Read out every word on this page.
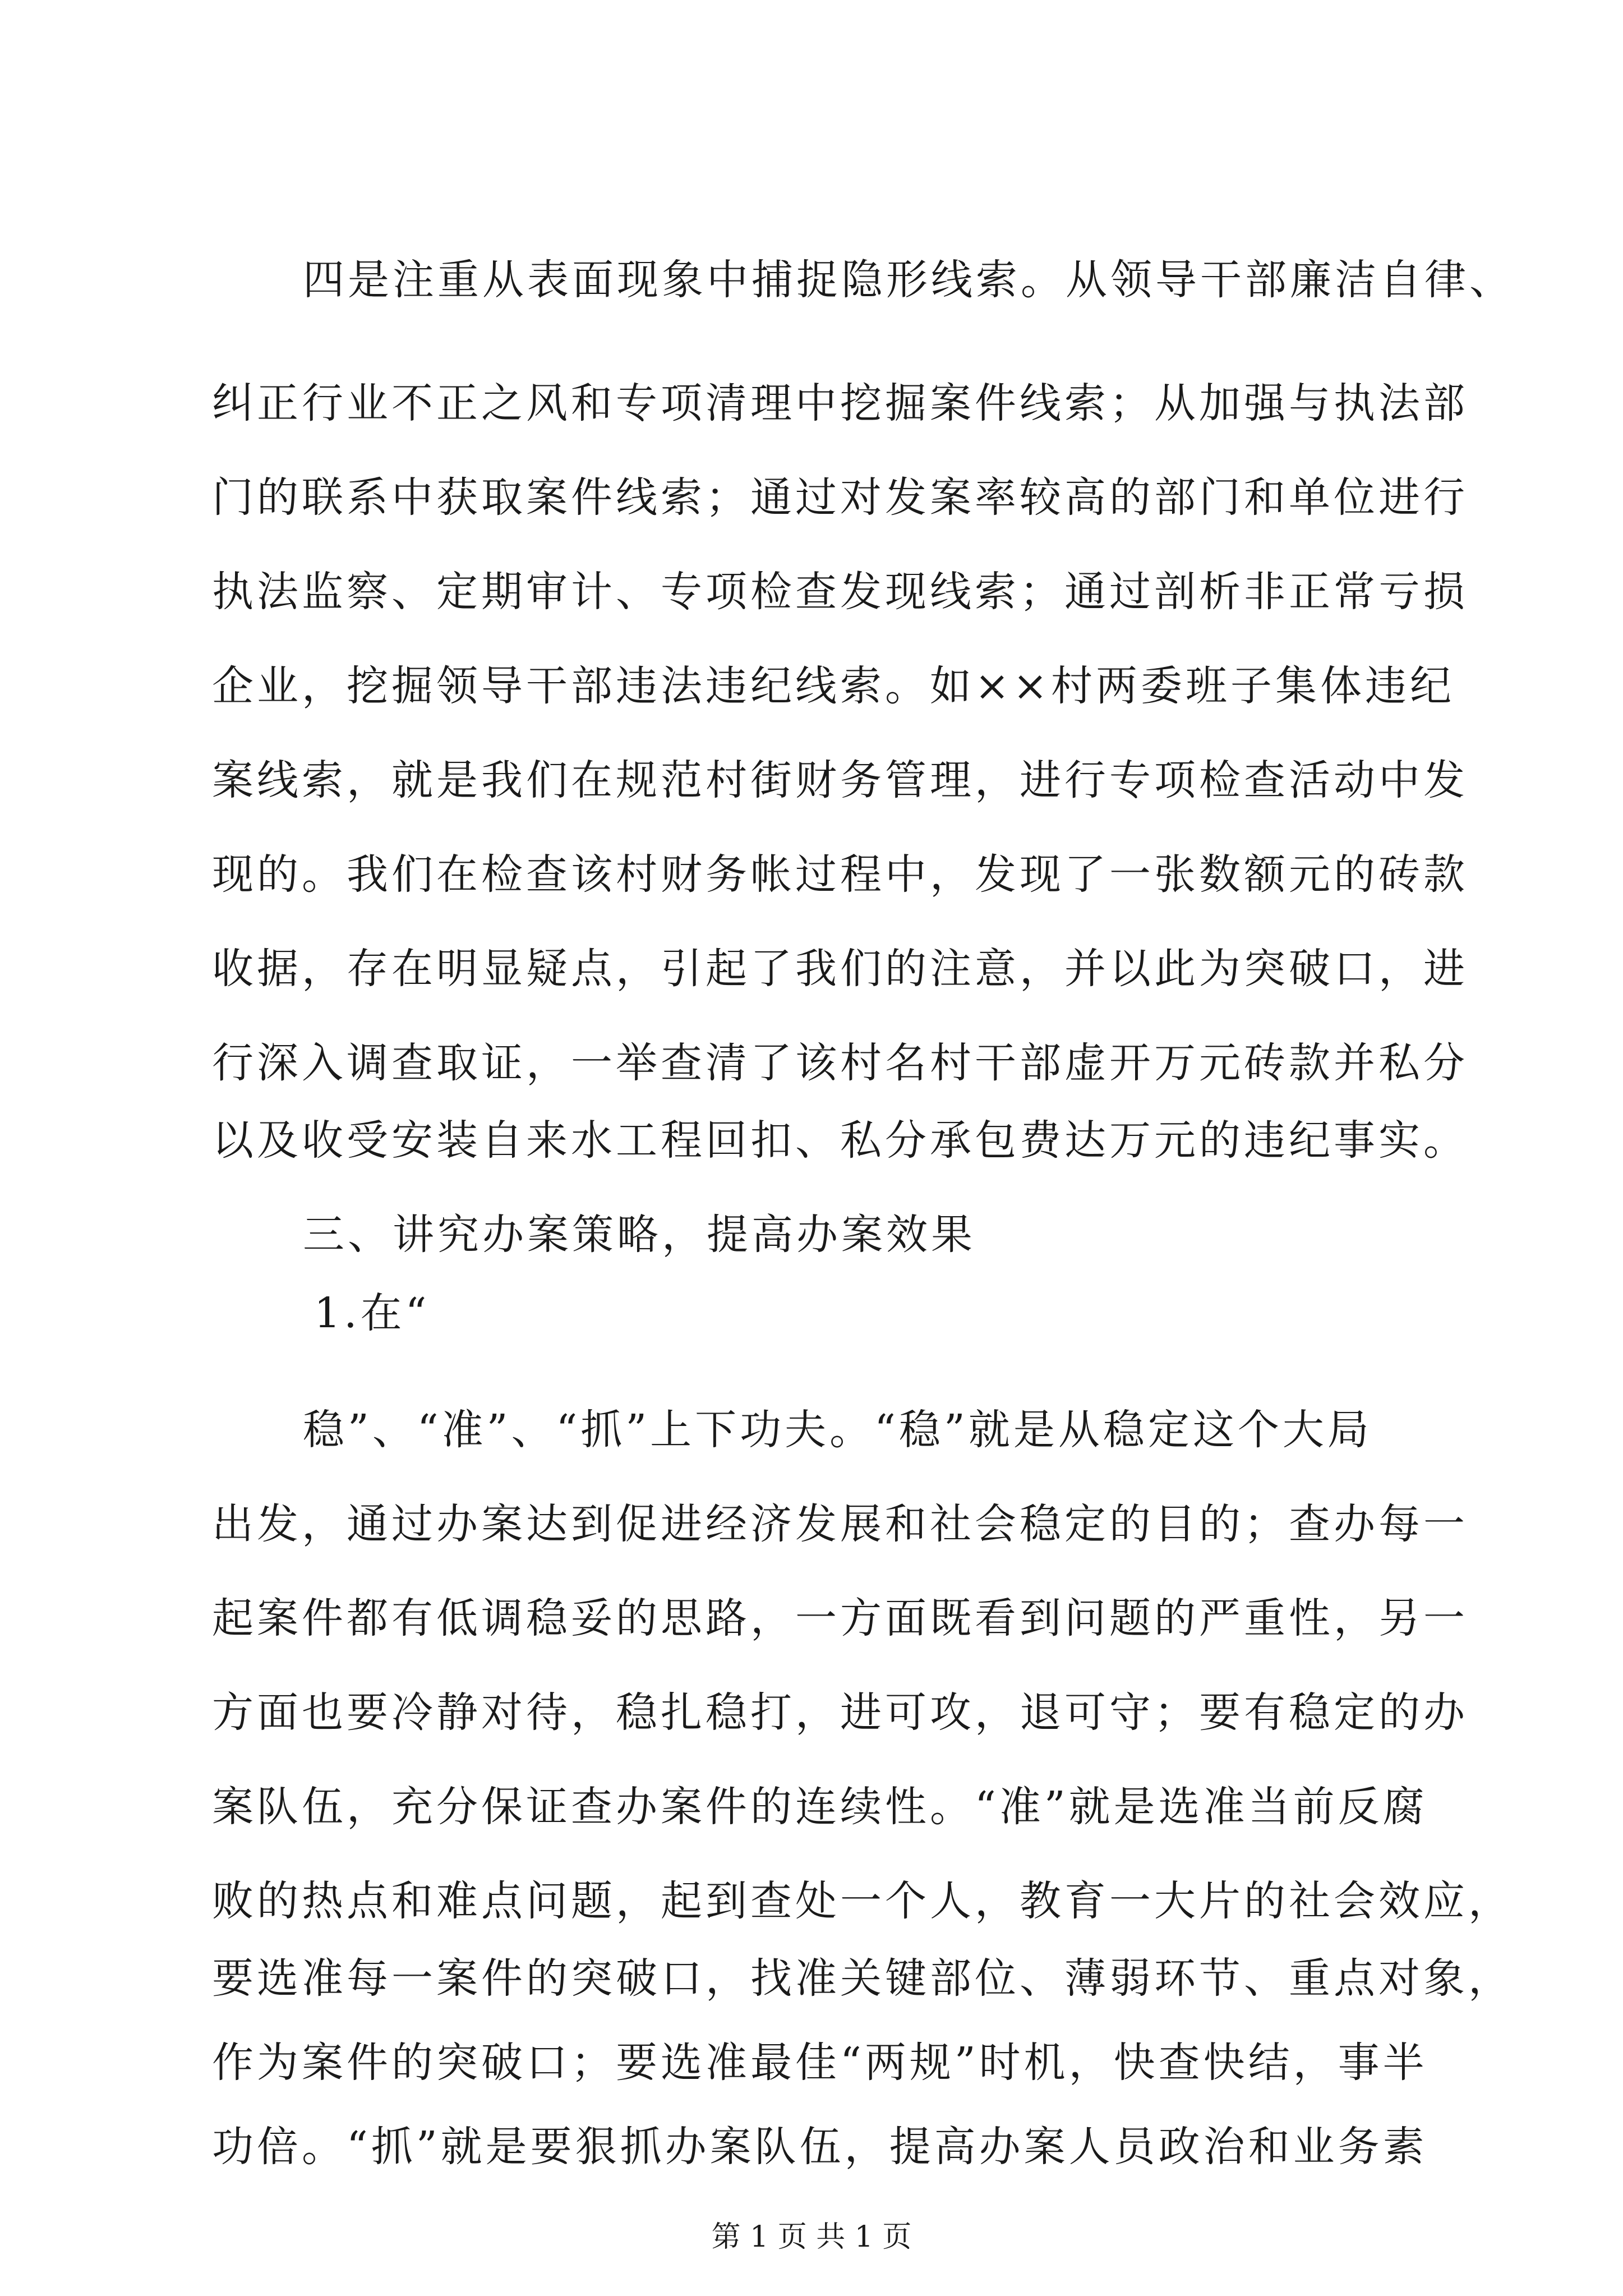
四是注重从表面现象中捕捉隐形线索。从领导干部廉洁自律、
纠正行业不正之风和专项清理中挖掘案件线索；从加强与执法部
门的联系中获取案件线索；通过对发案率较高的部门和单位进行
执法监察、定期审计、专项检查发现线索；通过剖析非正常亏损
企业，挖掘领导干部违法违纪线索。如××村两委班子集体违纪
案线索，就是我们在规范村街财务管理，进行专项检查活动中发
现的。我们在检查该村财务帐过程中，发现了一张数额元的砖款
收据，存在明显疑点，引起了我们的注意，并以此为突破口，进
行深入调查取证，一举查清了该村名村干部虚开万元砖款并私分
以及收受安装自来水工程回扣、私分承包费达万元的违纪事实。
三、讲究办案策略，提高办案效果
1.在“
稳”、“准”、“抓”上下功夫。“稳”就是从稳定这个大局
出发，通过办案达到促进经济发展和社会稳定的目的；查办每一
起案件都有低调稳妥的思路，一方面既看到问题的严重性，另一
方面也要冷静对待，稳扎稳打，进可攻，退可守；要有稳定的办
案队伍，充分保证查办案件的连续性。“准”就是选准当前反腐
败的热点和难点问题，起到查处一个人，教育一大片的社会效应，
要选准每一案件的突破口，找准关键部位、薄弱环节、重点对象，
作为案件的突破口；要选准最佳“两规”时机，快查快结，事半
功倍。“抓”就是要狠抓办案队伍，提高办案人员政治和业务素
第 1 页 共 1 页
